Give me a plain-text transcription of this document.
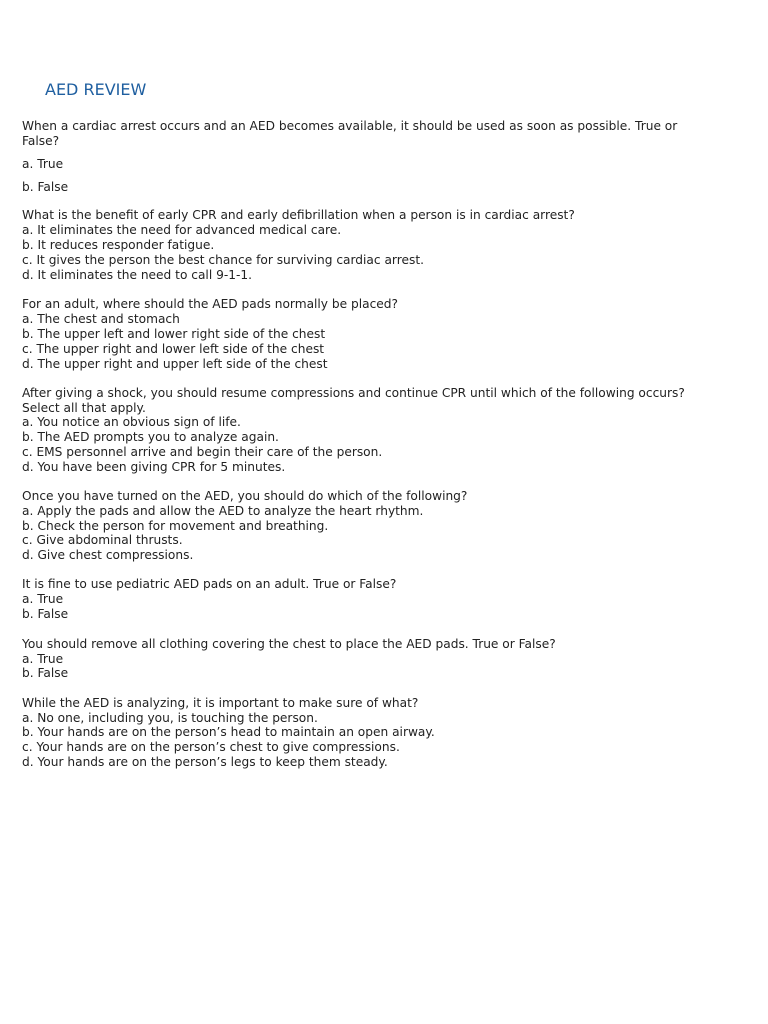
AED REVIEW

When a cardiac arrest occurs and an AED becomes available, it should be used as soon as possible. True or

False?

a. True

b. False

What is the benefit of early CPR and early defibrillation when a person is in cardiac arrest?

a. It eliminates the need for advanced medical care.

b. It reduces responder fatigue.

c. It gives the person the best chance for surviving cardiac arrest.

d. It eliminates the need to call 9-1-1.

For an adult, where should the AED pads normally be placed?

a. The chest and stomach

b. The upper left and lower right side of the chest

c. The upper right and lower left side of the chest

d. The upper right and upper left side of the chest

After giving a shock, you should resume compressions and continue CPR until which of the following occurs?

Select all that apply.

a. You notice an obvious sign of life.

b. The AED prompts you to analyze again.

c. EMS personnel arrive and begin their care of the person.

d. You have been giving CPR for 5 minutes.

Once you have turned on the AED, you should do which of the following?

a. Apply the pads and allow the AED to analyze the heart rhythm.

b. Check the person for movement and breathing.

c. Give abdominal thrusts.

d. Give chest compressions.

It is fine to use pediatric AED pads on an adult. True or False?

a. True

b. False

You should remove all clothing covering the chest to place the AED pads. True or False?

a. True

b. False

While the AED is analyzing, it is important to make sure of what?

a. No one, including you, is touching the person.

b. Your hands are on the person’s head to maintain an open airway.

c. Your hands are on the person’s chest to give compressions.

d. Your hands are on the person’s legs to keep them steady.
